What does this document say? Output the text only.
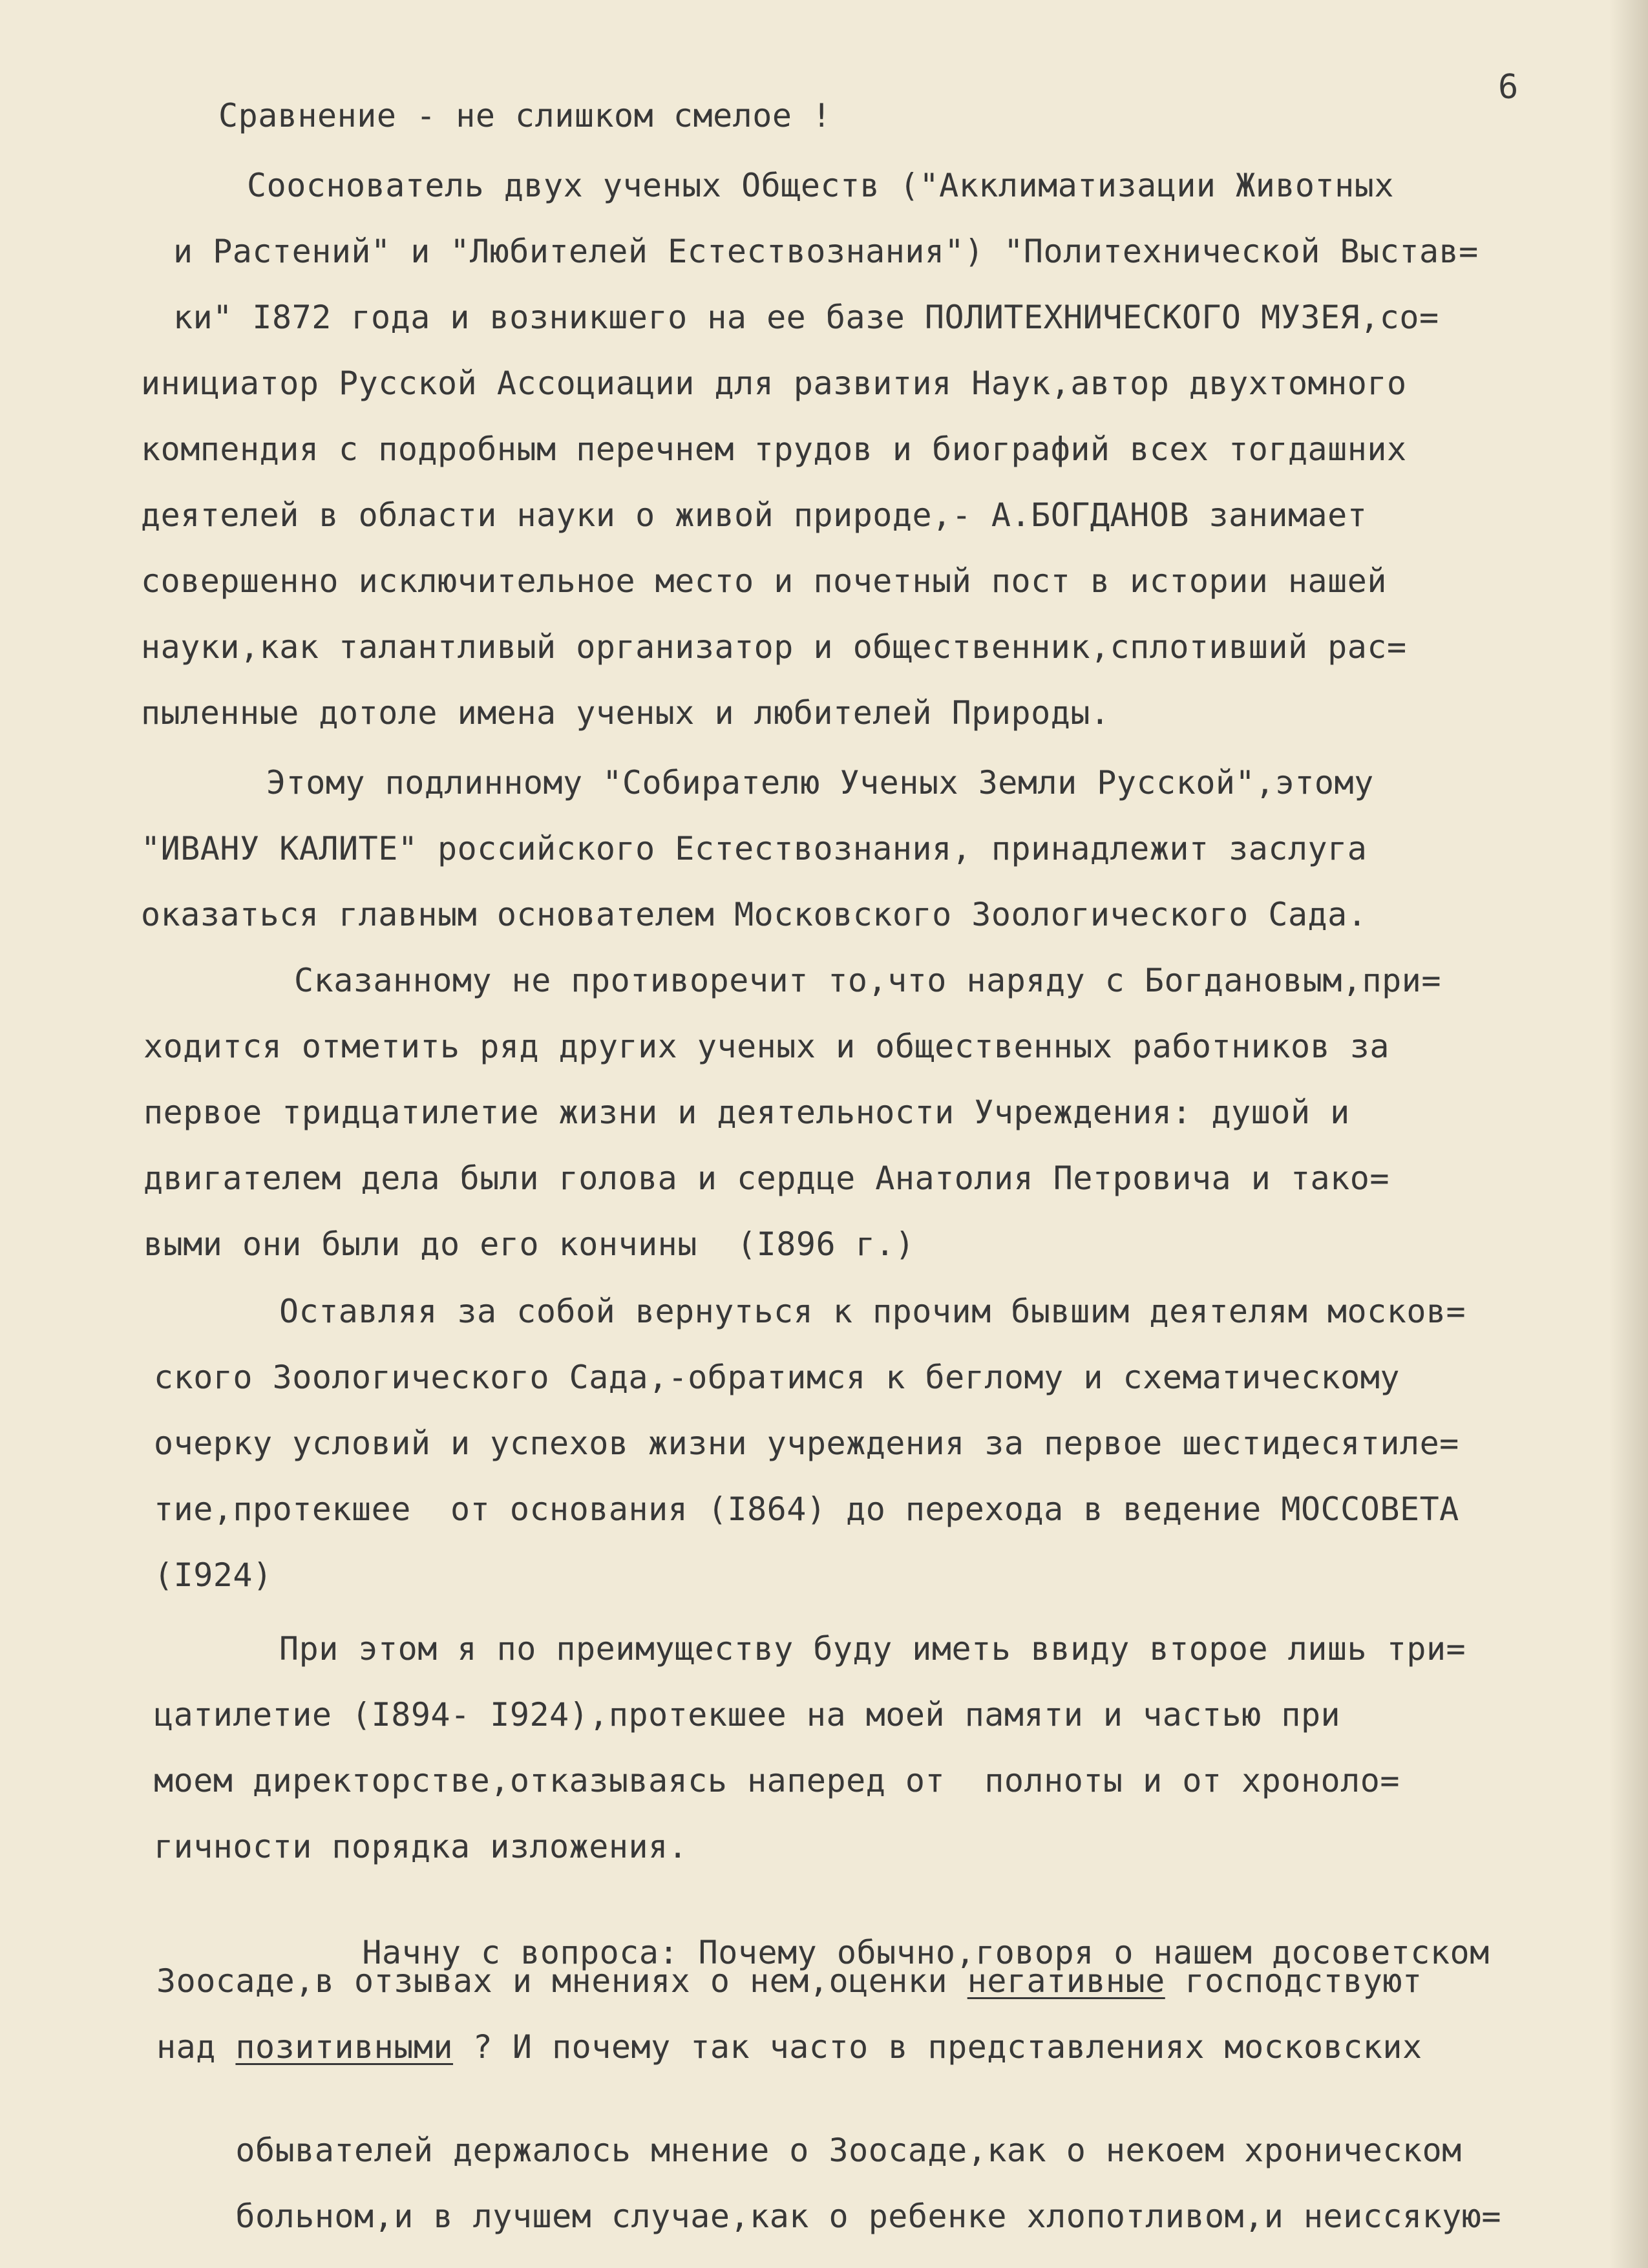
6
Сравнение - не слишком смелое !
Сооснователь двух ученых Обществ ("Акклиматизации Животных
и Растений" и "Любителей Естествознания") "Политехнической Выстав=
ки" I872 года и возникшего на ее базе ПОЛИТЕХНИЧЕСКОГО МУЗЕЯ,со=
инициатор Русской Ассоциации для развития Наук,автор двухтомного
компендия с подробным перечнем трудов и биографий всех тогдашних
деятелей в области науки о живой природе,- А.БОГДАНОВ занимает
совершенно исключительное место и почетный пост в истории нашей
науки,как талантливый организатор и общественник,сплотивший рас=
пыленные дотоле имена ученых и любителей Природы.
Этому подлинному "Собирателю Ученых Земли Русской",этому
"ИВАНУ КАЛИТЕ" российского Естествознания, принадлежит заслуга
оказаться главным основателем Московского Зоологического Сада.
Сказанному не противоречит то,что наряду с Богдановым,при=
ходится отметить ряд других ученых и общественных работников за
первое тридцатилетие жизни и деятельности Учреждения: душой и
двигателем дела были голова и сердце Анатолия Петровича и тако=
выми они были до его кончины  (I896 г.)
Оставляя за собой вернуться к прочим бывшим деятелям москов=
ского Зоологического Сада,-обратимся к беглому и схематическому
очерку условий и успехов жизни учреждения за первое шестидесятиле=
тие,протекшее  от основания (I864) до перехода в ведение МОССОВЕТА
(I924)
При этом я по преимуществу буду иметь ввиду второе лишь три=
цатилетие (I894- I924),протекшее на моей памяти и частью при
моем директорстве,отказываясь наперед от  полноты и от хроноло=
гичности порядка изложения.

Начну с вопроса: Почему обычно,говоря о нашем досоветском

Зоосаде,в отзывах и мнениях о нем,оценки негативные господствуют
над позитивными ? И почему так часто в представлениях московских

обывателей держалось мнение о Зоосаде,как о некоем хроническом

больном,и в лучшем случае,как о ребенке хлопотливом,и неиссякую=
